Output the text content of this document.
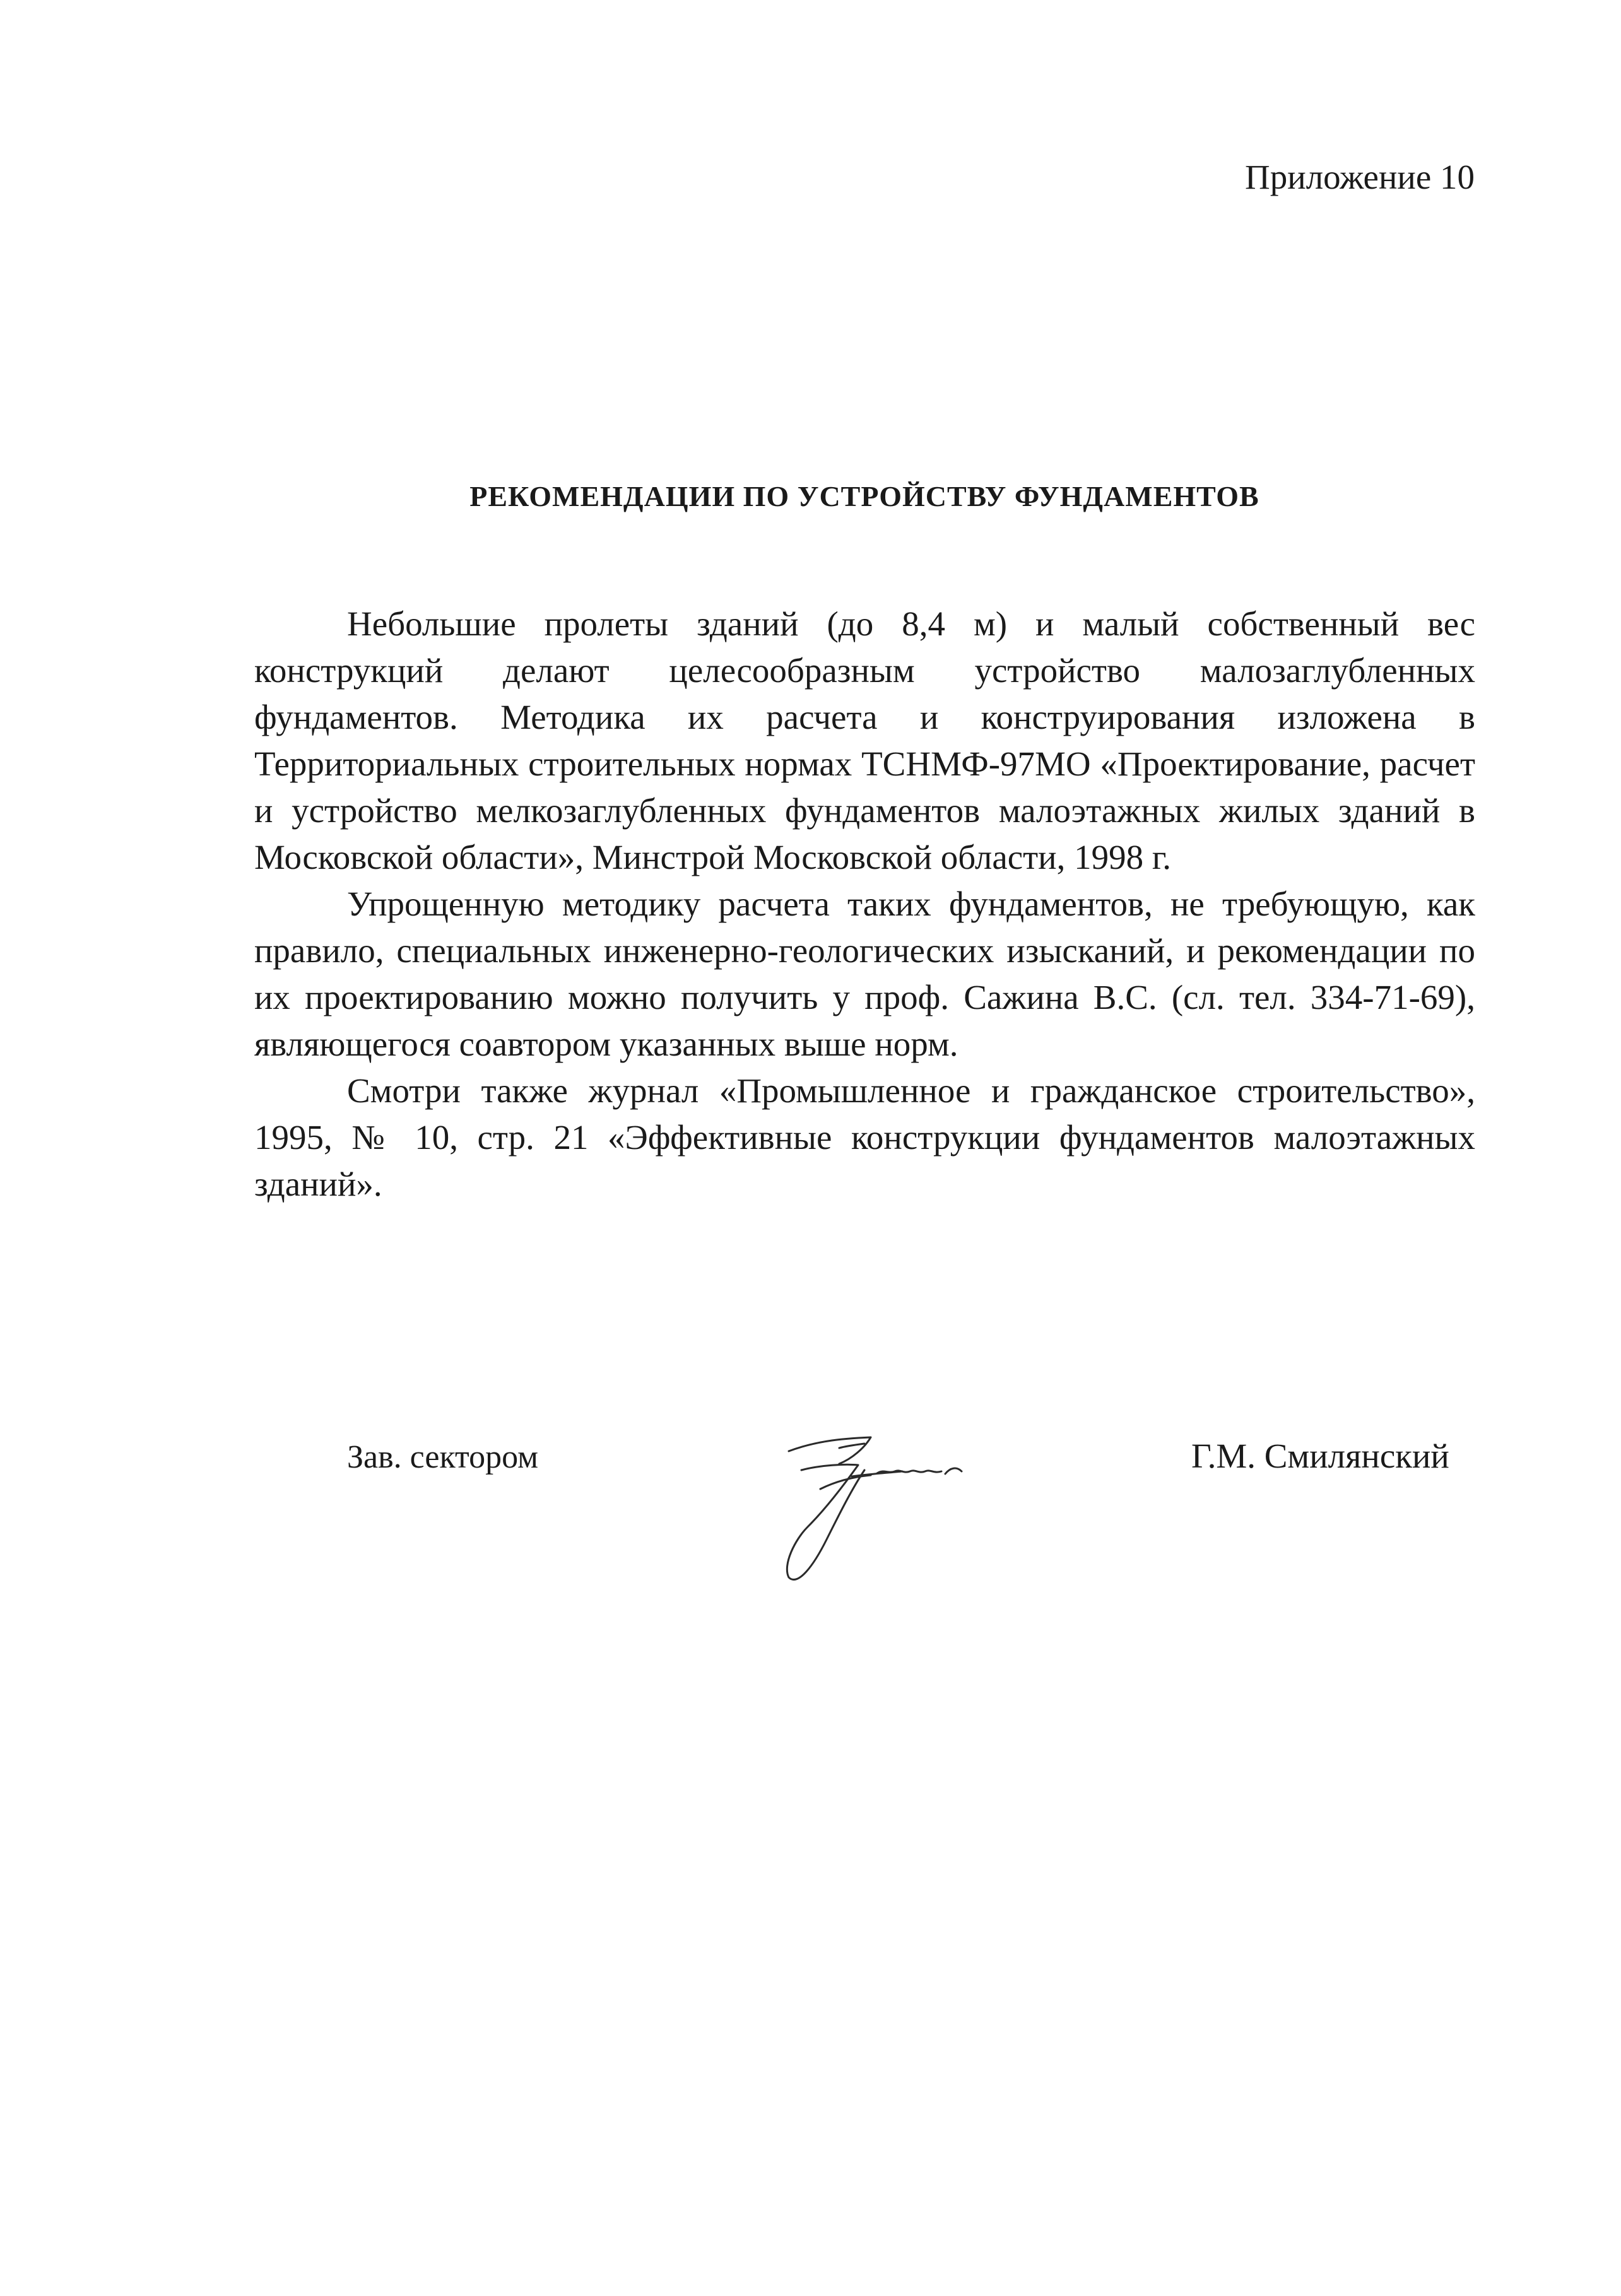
Приложение 10
РЕКОМЕНДАЦИИ ПО УСТРОЙСТВУ ФУНДАМЕНТОВ

Небольшие пролеты зданий (до 8,4 м) и малый собственный вес конструкций делают целесообразным устройство малозаглубленных фундаментов. Методика их расчета и конструирования изложена в Территориальных строительных нормах ТСНМФ-97МО «Проектирование, расчет и устройство мелкозаглубленных фундаментов малоэтажных жилых зданий в Московской области», Минстрой Московской области, 1998 г.

Упрощенную методику расчета таких фундаментов, не требующую, как правило, специальных инженерно-геологических изысканий, и рекомендации по их проектированию можно получить у проф. Сажина В.С. (сл. тел. 334-71-69), являющегося соавтором указанных выше норм.

Смотри также журнал «Промышленное и гражданское строительство», 1995, № 10, стр. 21 «Эффективные конструкции фундаментов малоэтажных зданий».

Зав. сектором	Г.М. Смилянский
